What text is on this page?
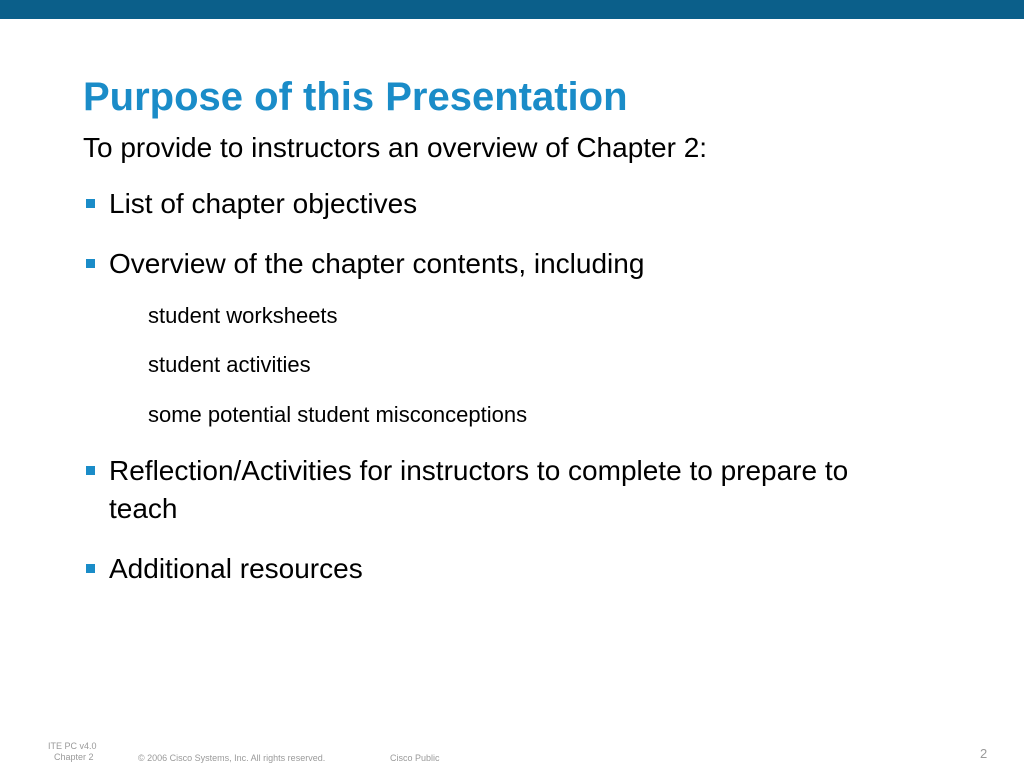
Purpose of this Presentation
To provide to instructors an overview of Chapter 2:
List of chapter objectives
Overview of the chapter contents, including
student worksheets
student activities
some potential student misconceptions
Reflection/Activities for instructors to complete to prepare to teach
Additional resources
ITE PC v4.0
Chapter 2	© 2006 Cisco Systems, Inc. All rights reserved.	Cisco Public	2
